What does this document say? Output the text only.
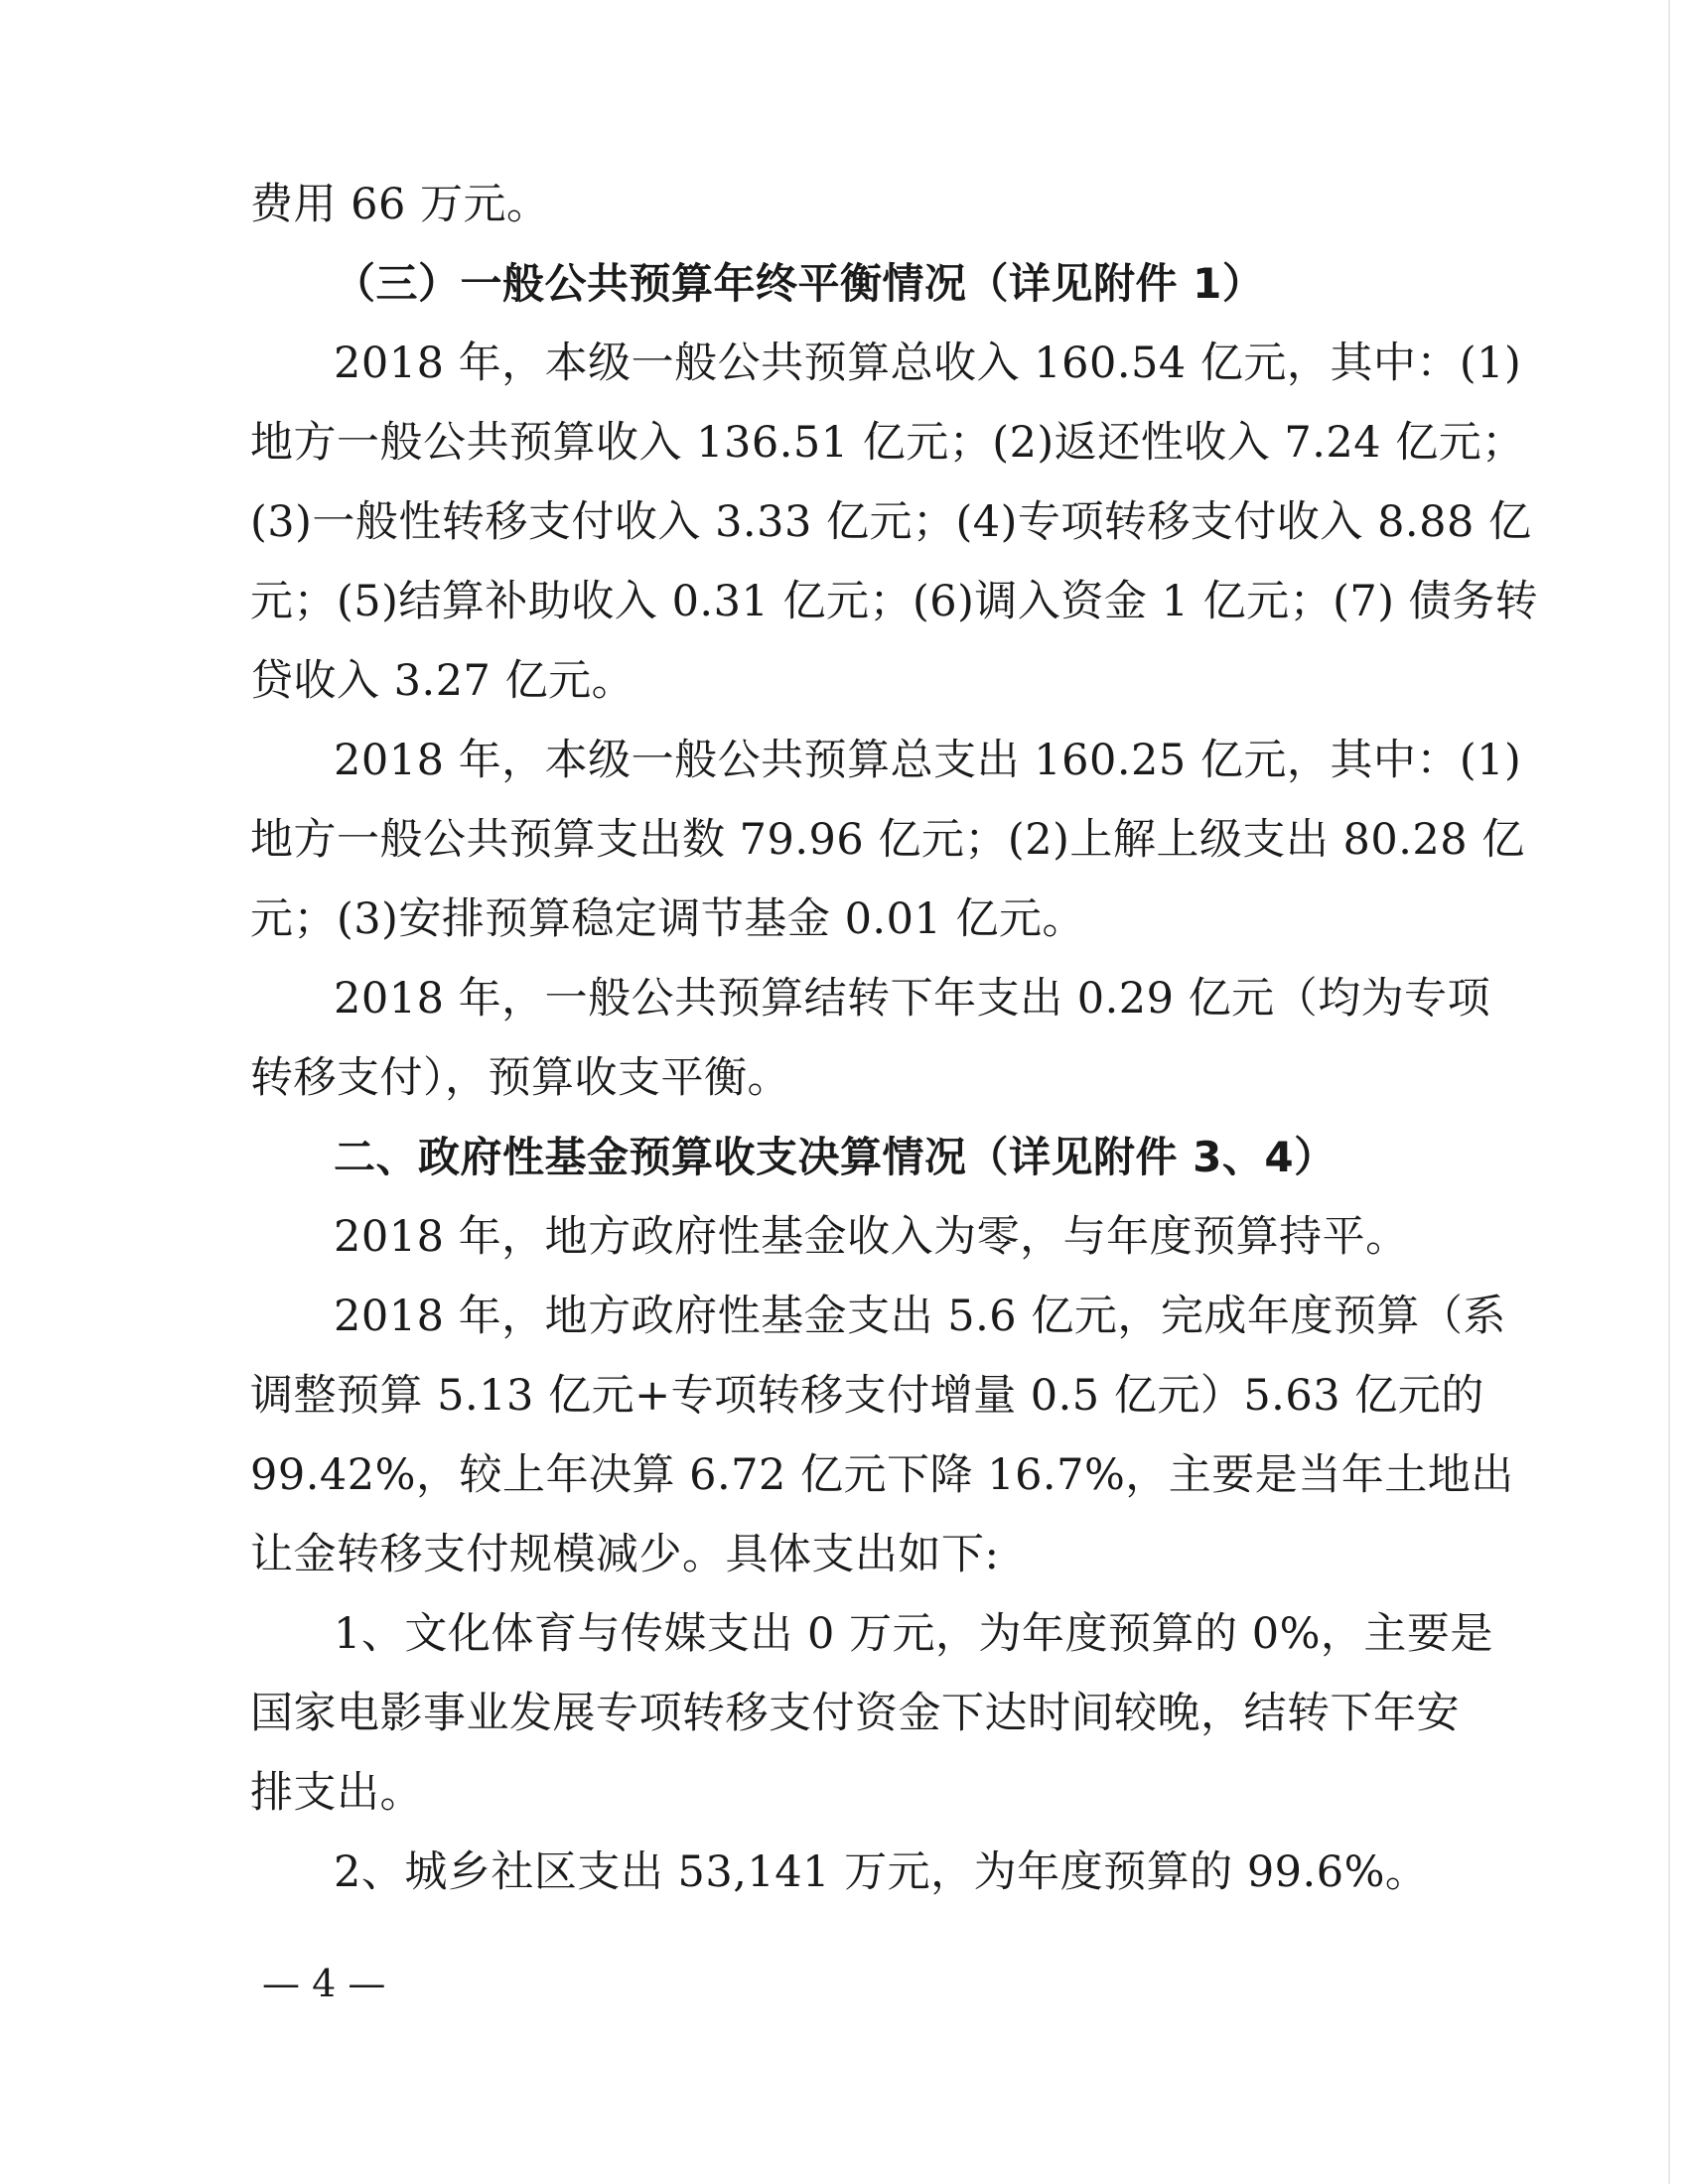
费用 66 万元。
（三）一般公共预算年终平衡情况（详见附件 1）
2018 年，本级一般公共预算总收入 160.54 亿元，其中：(1)
地方一般公共预算收入 136.51 亿元；(2)返还性收入 7.24 亿元；
(3)一般性转移支付收入 3.33 亿元；(4)专项转移支付收入 8.88 亿
元；(5)结算补助收入 0.31 亿元；(6)调入资金 1 亿元；(7) 债务转
贷收入 3.27 亿元。
2018 年，本级一般公共预算总支出 160.25 亿元，其中：(1)
地方一般公共预算支出数 79.96 亿元；(2)上解上级支出 80.28 亿
元；(3)安排预算稳定调节基金 0.01 亿元。
2018 年，一般公共预算结转下年支出 0.29 亿元（均为专项
转移支付），预算收支平衡。
二、政府性基金预算收支决算情况（详见附件 3、4）
2018 年，地方政府性基金收入为零，与年度预算持平。
2018 年，地方政府性基金支出 5.6 亿元，完成年度预算（系
调整预算 5.13 亿元+专项转移支付增量 0.5 亿元）5.63 亿元的
99.42%，较上年决算 6.72 亿元下降 16.7%，主要是当年土地出
让金转移支付规模减少。具体支出如下:
1、文化体育与传媒支出 0 万元，为年度预算的 0%，主要是
国家电影事业发展专项转移支付资金下达时间较晚，结转下年安
排支出。
2、城乡社区支出 53,141 万元，为年度预算的 99.6%。
— 4 —
